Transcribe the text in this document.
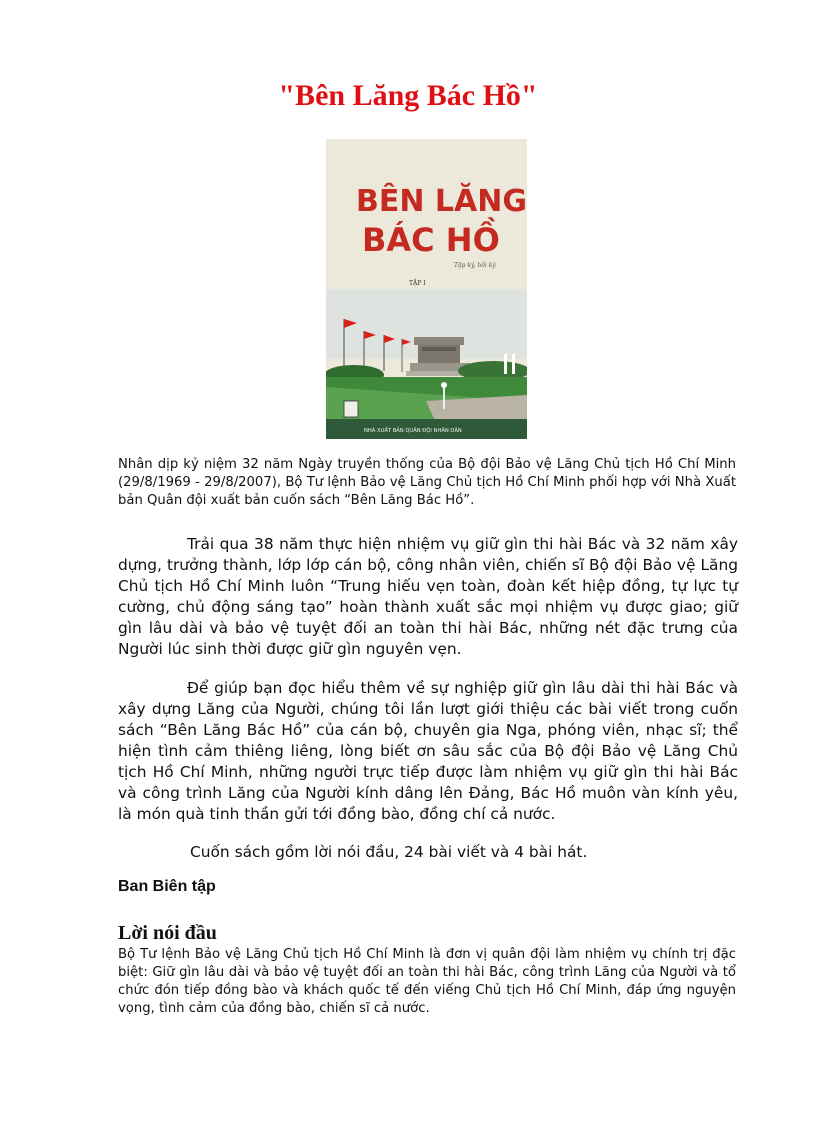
"Bên Lăng Bác Hồ"
BÊN LĂNG
BÁC HỒ
Tập ký, hồi ký
TẬP I
NHÀ XUẤT BẢN QUÂN ĐỘI NHÂN DÂN

Nhân dịp kỷ niệm 32 năm Ngày truyền thống của Bộ đội Bảo vệ Lăng Chủ tịch Hồ Chí Minh (29/8/1969 - 29/8/2007), Bộ Tư lệnh Bảo vệ Lăng Chủ tịch Hồ Chí Minh phối hợp với Nhà Xuất bản Quân đội xuất bản cuốn sách “Bên Lăng Bác Hồ”.

Trải qua 38 năm thực hiện nhiệm vụ giữ gìn thi hài Bác và 32 năm xây dựng, trưởng thành, lớp lớp cán bộ, công nhân viên, chiến sĩ Bộ đội Bảo vệ Lăng Chủ tịch Hồ Chí Minh luôn “Trung hiếu vẹn toàn, đoàn kết hiệp đồng, tự lực tự cường, chủ động sáng tạo” hoàn thành xuất sắc mọi nhiệm vụ được giao; giữ gìn lâu dài và bảo vệ tuyệt đối an toàn thi hài Bác, những nét đặc trưng của Người lúc sinh thời được giữ gìn nguyên vẹn.

Để giúp bạn đọc hiểu thêm về sự nghiệp giữ gìn lâu dài thi hài Bác và xây dựng Lăng của Người, chúng tôi lần lượt giới thiệu các bài viết trong cuốn sách “Bên Lăng Bác Hồ” của cán bộ, chuyên gia Nga, phóng viên, nhạc sĩ; thể hiện tình cảm thiêng liêng, lòng biết ơn sâu sắc của Bộ đội Bảo vệ Lăng Chủ tịch Hồ Chí Minh, những người trực tiếp được làm nhiệm vụ giữ gìn thi hài Bác và công trình Lăng của Người kính dâng lên Đảng, Bác Hồ muôn vàn kính yêu, là món quà tinh thần gửi tới đồng bào, đồng chí cả nước.

Cuốn sách gồm lời nói đầu, 24 bài viết và 4 bài hát.

Ban Biên tập
Lời nói đầu

Bộ Tư lệnh Bảo vệ Lăng Chủ tịch Hồ Chí Minh là đơn vị quân đội làm nhiệm vụ chính trị đặc biệt: Giữ gìn lâu dài và bảo vệ tuyệt đối an toàn thi hài Bác, công trình Lăng của Người và tổ chức đón tiếp đồng bào và khách quốc tế đến viếng Chủ tịch Hồ Chí Minh, đáp ứng nguyện vọng, tình cảm của đồng bào, chiến sĩ cả nước.
